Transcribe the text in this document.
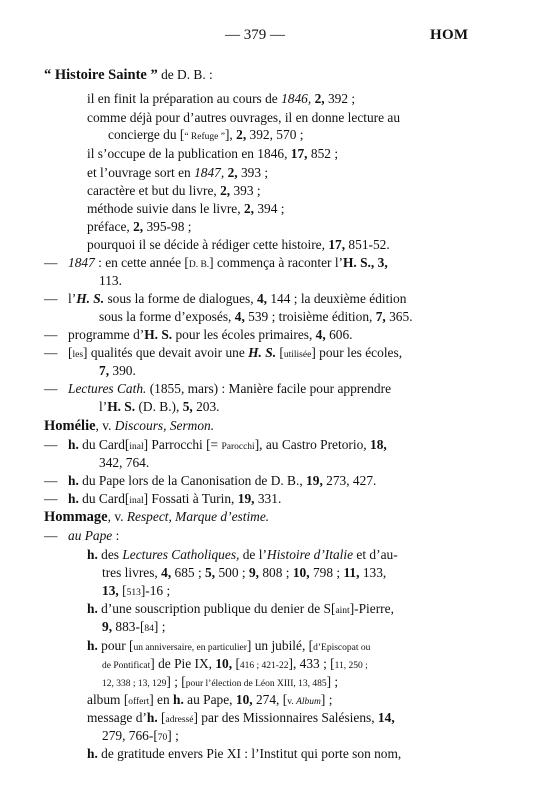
— 379 —	HOM
“ Histoire Sainte ” de D. B. :
il en finit la préparation au cours de 1846, 2, 392 ;
comme déjà pour d’autres ouvrages, il en donne lecture au
concierge du [“ Refuge ”], 2, 392, 570 ;
il s’occupe de la publication en 1846, 17, 852 ;
et l’ouvrage sort en 1847, 2, 393 ;
caractère et but du livre, 2, 393 ;
méthode suivie dans le livre, 2, 394 ;
préface, 2, 395-98 ;
pourquoi il se décide à rédiger cette histoire, 17, 851-52.
— 1847 : en cette année [D. B.] commença à raconter l’H. S., 3,
113.
— l’H. S. sous la forme de dialogues, 4, 144 ; la deuxième édition
sous la forme d’exposés, 4, 539 ; troisième édition, 7, 365.
— programme d’H. S. pour les écoles primaires, 4, 606.
— [les] qualités que devait avoir une H. S. [utilisée] pour les écoles,
7, 390.
— Lectures Cath. (1855, mars) : Manière facile pour apprendre
l’H. S. (D. B.), 5, 203.
Homélie, v. Discours, Sermon.
— h. du Card[inal] Parrocchi [= Parocchi], au Castro Pretorio, 18,
342, 764.
— h. du Pape lors de la Canonisation de D. B., 19, 273, 427.
— h. du Card[inal] Fossati à Turin, 19, 331.
Hommage, v. Respect, Marque d’estime.
— au Pape :
h. des Lectures Catholiques, de l’Histoire d’Italie et d’au-
tres livres, 4, 685 ; 5, 500 ; 9, 808 ; 10, 798 ; 11, 133,
13, [513]-16 ;
h. d’une souscription publique du denier de S[aint]-Pierre,
9, 883-[84] ;
h. pour [un anniversaire, en particulier] un jubilé, [d’Episcopat ou
de Pontificat] de Pie IX, 10, [416 ; 421-22], 433 ; [11, 250 ;
12, 338 ; 13, 129] ; [pour l’élection de Léon XIII, 13, 485] ;
album [offert] en h. au Pape, 10, 274, [v. Album] ;
message d’h. [adressé] par des Missionnaires Salésiens, 14,
279, 766-[70] ;
h. de gratitude envers Pie XI : l’Institut qui porte son nom,
